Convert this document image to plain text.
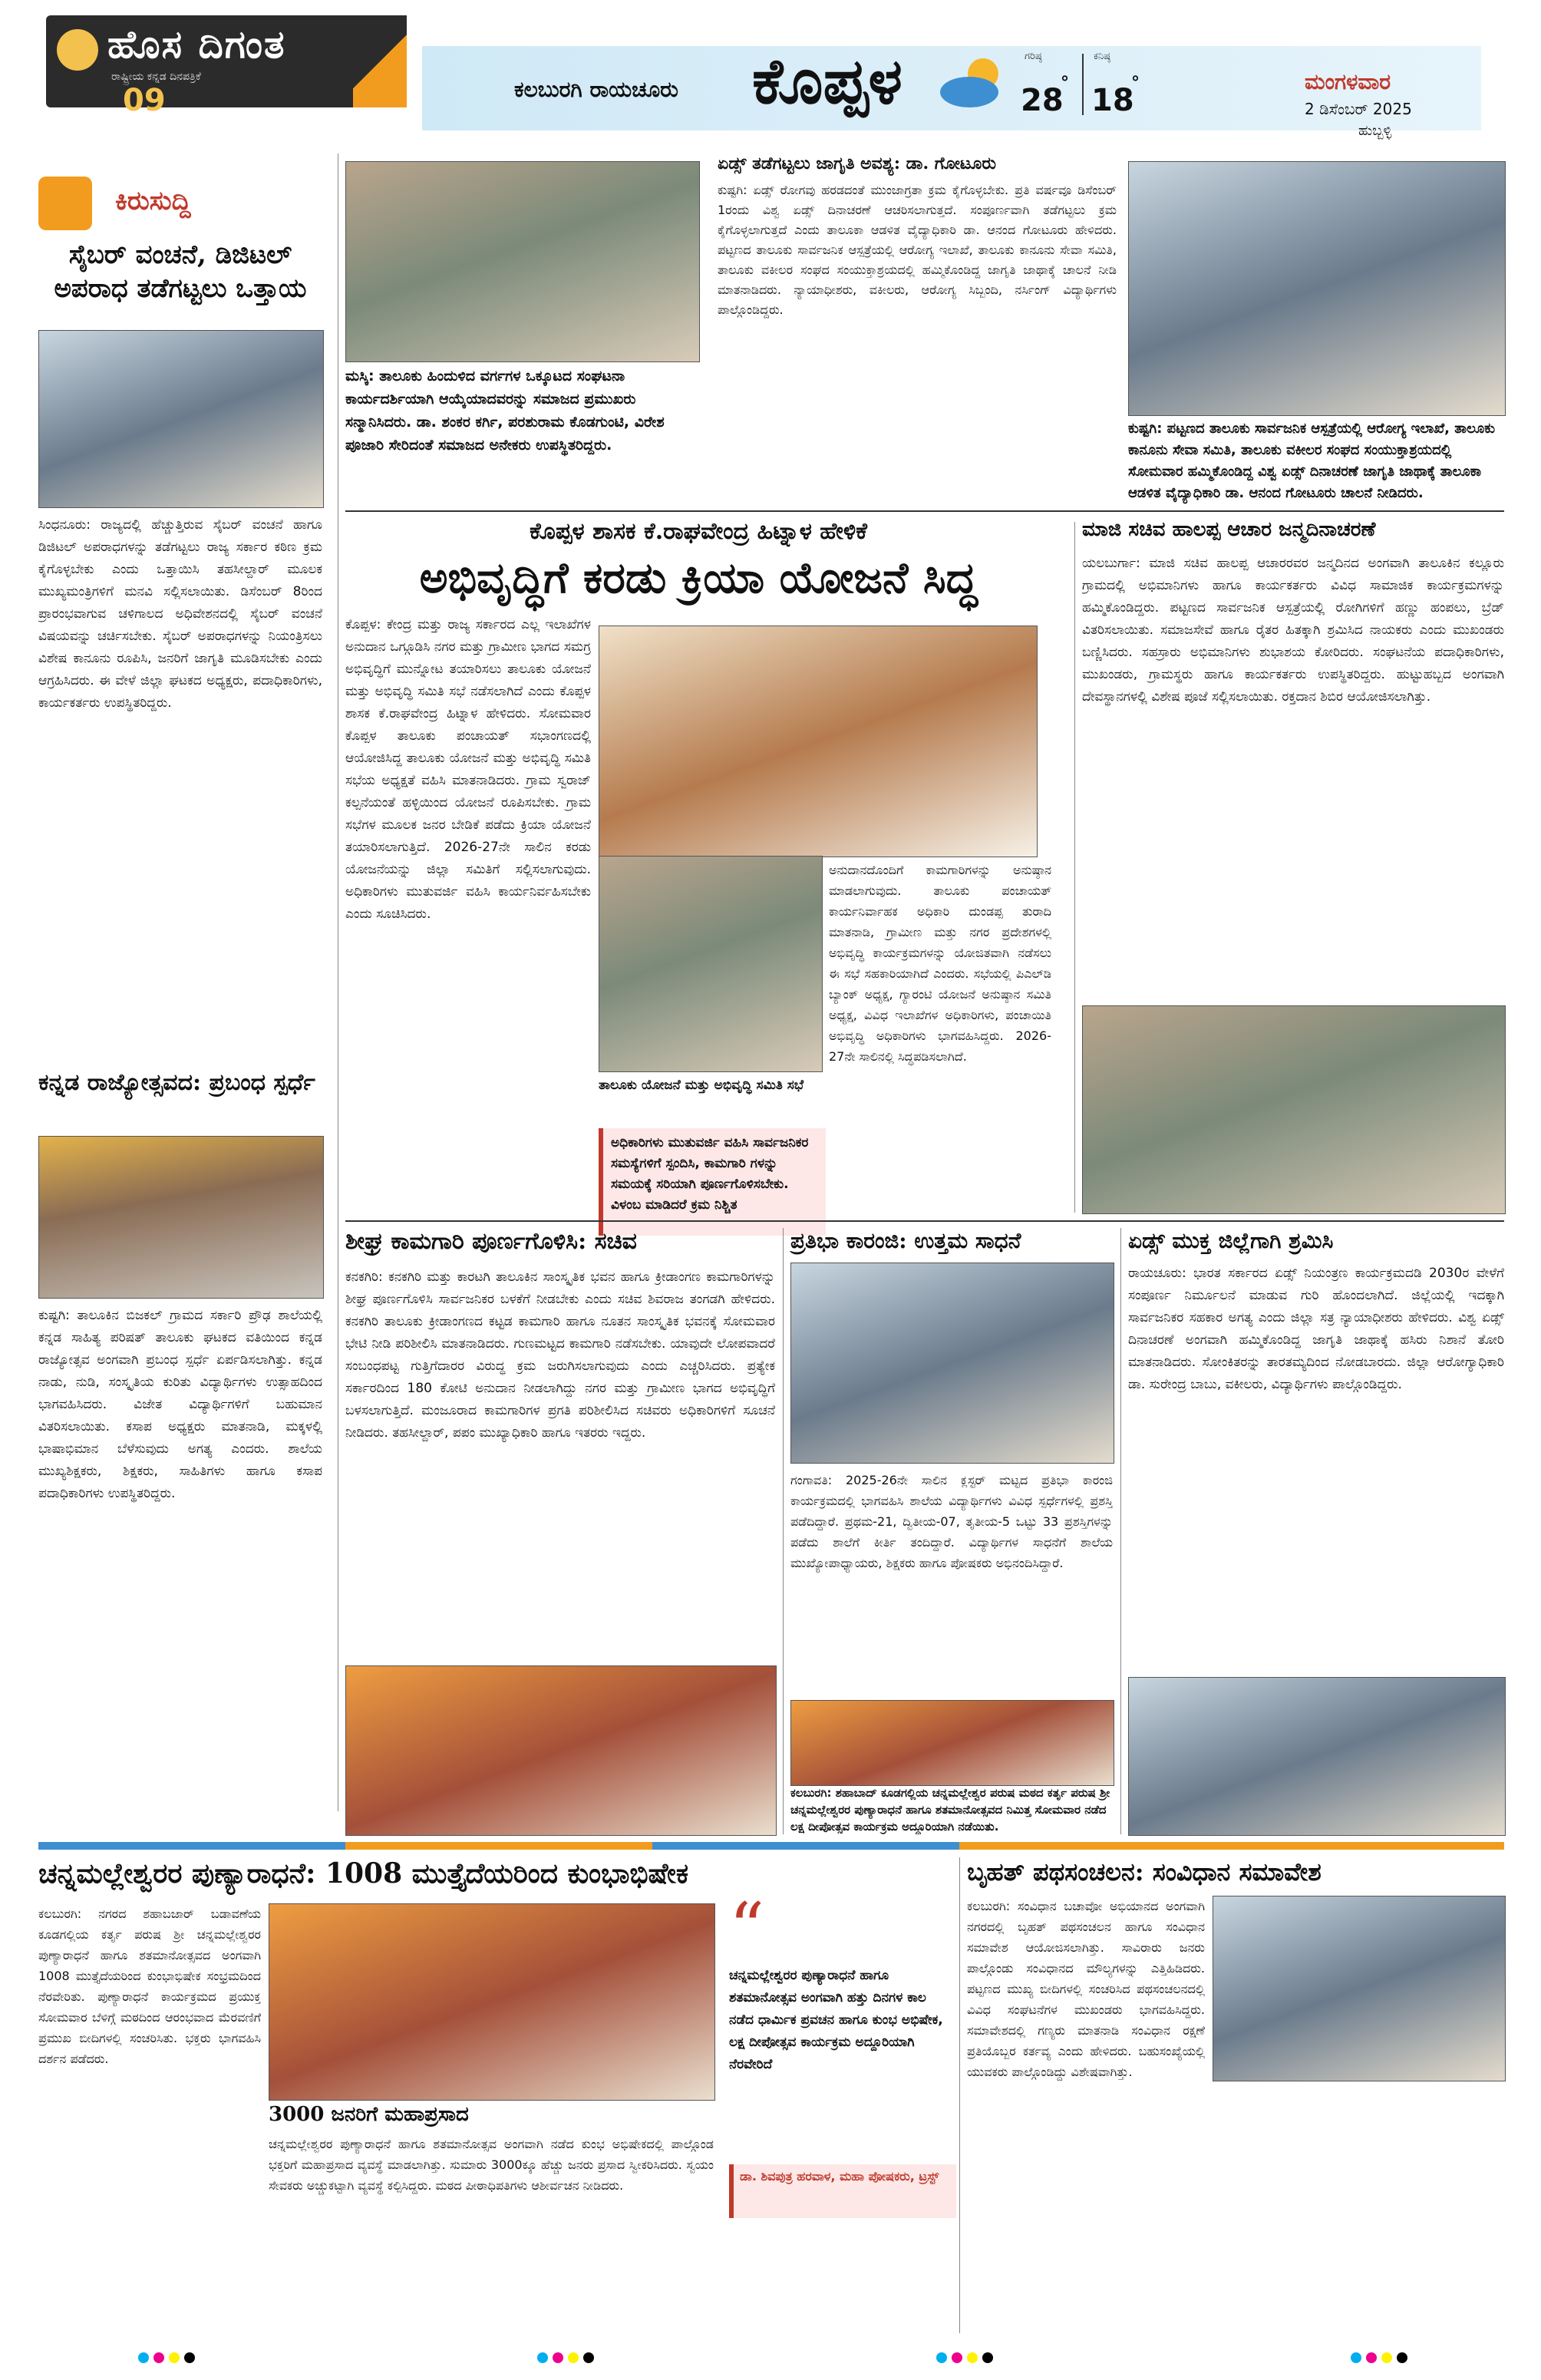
ಹೊಸ ದಿಗಂತ
ರಾಷ್ಟ್ರೀಯ ಕನ್ನಡ ದಿನಪತ್ರಿಕೆ
09	ಕಲಬುರಗಿ ರಾಯಚೂರು ಕೊಪ್ಪಳ	ಗರಿಷ್ಠ
28
°
ಕನಿಷ್ಠ
18
°	ಮಂಗಳವಾರ
2 ಡಿಸೆಂಬರ್ 2025
ಹುಬ್ಬಳ್ಳಿ
ಕಿರುಸುದ್ದಿ
ಸೈಬರ್ ವಂಚನೆ, ಡಿಜಿಟಲ್ ಅಪರಾಧ ತಡೆಗಟ್ಟಲು ಒತ್ತಾಯ
ಸಿಂಧನೂರು: ರಾಜ್ಯದಲ್ಲಿ ಹೆಚ್ಚುತ್ತಿರುವ ಸೈಬರ್ ವಂಚನೆ ಹಾಗೂ ಡಿಜಿಟಲ್ ಅಪರಾಧಗಳನ್ನು ತಡೆಗಟ್ಟಲು ರಾಜ್ಯ ಸರ್ಕಾರ ಕಠಿಣ ಕ್ರಮ ಕೈಗೊಳ್ಳಬೇಕು ಎಂದು ಒತ್ತಾಯಿಸಿ ತಹಸೀಲ್ದಾರ್ ಮೂಲಕ ಮುಖ್ಯಮಂತ್ರಿಗಳಿಗೆ ಮನವಿ ಸಲ್ಲಿಸಲಾಯಿತು. ಡಿಸೆಂಬರ್ 8ರಿಂದ ಪ್ರಾರಂಭವಾಗುವ ಚಳಿಗಾಲದ ಅಧಿವೇಶನದಲ್ಲಿ ಸೈಬರ್ ವಂಚನೆ ವಿಷಯವನ್ನು ಚರ್ಚಿಸಬೇಕು. ಸೈಬರ್ ಅಪರಾಧಗಳನ್ನು ನಿಯಂತ್ರಿಸಲು ವಿಶೇಷ ಕಾನೂನು ರೂಪಿಸಿ, ಜನರಿಗೆ ಜಾಗೃತಿ ಮೂಡಿಸಬೇಕು ಎಂದು ಆಗ್ರಹಿಸಿದರು. ಈ ವೇಳೆ ಜಿಲ್ಲಾ ಘಟಕದ ಅಧ್ಯಕ್ಷರು, ಪದಾಧಿಕಾರಿಗಳು, ಕಾರ್ಯಕರ್ತರು ಉಪಸ್ಥಿತರಿದ್ದರು.
ಕನ್ನಡ ರಾಜ್ಯೋತ್ಸವದ: ಪ್ರಬಂಧ ಸ್ಪರ್ಧೆ
ಕುಷ್ಟಗಿ: ತಾಲೂಕಿನ ಬಿಜಕಲ್ ಗ್ರಾಮದ ಸರ್ಕಾರಿ ಪ್ರೌಢ ಶಾಲೆಯಲ್ಲಿ ಕನ್ನಡ ಸಾಹಿತ್ಯ ಪರಿಷತ್ ತಾಲೂಕು ಘಟಕದ ವತಿಯಿಂದ ಕನ್ನಡ ರಾಜ್ಯೋತ್ಸವ ಅಂಗವಾಗಿ ಪ್ರಬಂಧ ಸ್ಪರ್ಧೆ ಏರ್ಪಡಿಸಲಾಗಿತ್ತು. ಕನ್ನಡ ನಾಡು, ನುಡಿ, ಸಂಸ್ಕೃತಿಯ ಕುರಿತು ವಿದ್ಯಾರ್ಥಿಗಳು ಉತ್ಸಾಹದಿಂದ ಭಾಗವಹಿಸಿದರು. ವಿಜೇತ ವಿದ್ಯಾರ್ಥಿಗಳಿಗೆ ಬಹುಮಾನ ವಿತರಿಸಲಾಯಿತು. ಕಸಾಪ ಅಧ್ಯಕ್ಷರು ಮಾತನಾಡಿ, ಮಕ್ಕಳಲ್ಲಿ ಭಾಷಾಭಿಮಾನ ಬೆಳೆಸುವುದು ಅಗತ್ಯ ಎಂದರು. ಶಾಲೆಯ ಮುಖ್ಯಶಿಕ್ಷಕರು, ಶಿಕ್ಷಕರು, ಸಾಹಿತಿಗಳು ಹಾಗೂ ಕಸಾಪ ಪದಾಧಿಕಾರಿಗಳು ಉಪಸ್ಥಿತರಿದ್ದರು.
ಮಸ್ಕಿ: ತಾಲೂಕು ಹಿಂದುಳಿದ ವರ್ಗಗಳ ಒಕ್ಕೂಟದ ಸಂಘಟನಾ ಕಾರ್ಯದರ್ಶಿಯಾಗಿ ಆಯ್ಕೆಯಾದವರನ್ನು ಸಮಾಜದ ಪ್ರಮುಖರು ಸನ್ಮಾನಿಸಿದರು. ಡಾ. ಶಂಕರ ಕರ್ಗಿ, ಪರಶುರಾಮ ಕೊಡಗುಂಟಿ, ವಿರೇಶ ಪೂಜಾರಿ ಸೇರಿದಂತೆ ಸಮಾಜದ ಅನೇಕರು ಉಪಸ್ಥಿತರಿದ್ದರು.
ಏಡ್ಸ್ ತಡೆಗಟ್ಟಲು ಜಾಗೃತಿ ಅವಶ್ಯ: ಡಾ. ಗೋಟೂರು
ಕುಷ್ಟಗಿ: ಏಡ್ಸ್ ರೋಗವು ಹರಡದಂತೆ ಮುಂಜಾಗ್ರತಾ ಕ್ರಮ ಕೈಗೊಳ್ಳಬೇಕು. ಪ್ರತಿ ವರ್ಷವೂ ಡಿಸೆಂಬರ್ 1ರಂದು ವಿಶ್ವ ಏಡ್ಸ್ ದಿನಾಚರಣೆ ಆಚರಿಸಲಾಗುತ್ತದೆ. ಸಂಪೂರ್ಣವಾಗಿ ತಡೆಗಟ್ಟಲು ಕ್ರಮ ಕೈಗೊಳ್ಳಲಾಗುತ್ತದೆ ಎಂದು ತಾಲೂಕಾ ಆಡಳಿತ ವೈದ್ಯಾಧಿಕಾರಿ ಡಾ. ಆನಂದ ಗೋಟೂರು ಹೇಳಿದರು. ಪಟ್ಟಣದ ತಾಲೂಕು ಸಾರ್ವಜನಿಕ ಆಸ್ಪತ್ರೆಯಲ್ಲಿ ಆರೋಗ್ಯ ಇಲಾಖೆ, ತಾಲೂಕು ಕಾನೂನು ಸೇವಾ ಸಮಿತಿ, ತಾಲೂಕು ವಕೀಲರ ಸಂಘದ ಸಂಯುಕ್ತಾಶ್ರಯದಲ್ಲಿ ಹಮ್ಮಿಕೊಂಡಿದ್ದ ಜಾಗೃತಿ ಜಾಥಾಕ್ಕೆ ಚಾಲನೆ ನೀಡಿ ಮಾತನಾಡಿದರು. ನ್ಯಾಯಾಧೀಶರು, ವಕೀಲರು, ಆರೋಗ್ಯ ಸಿಬ್ಬಂದಿ, ನರ್ಸಿಂಗ್ ವಿದ್ಯಾರ್ಥಿಗಳು ಪಾಲ್ಗೊಂಡಿದ್ದರು.
ಕುಷ್ಟಗಿ: ಪಟ್ಟಣದ ತಾಲೂಕು ಸಾರ್ವಜನಿಕ ಆಸ್ಪತ್ರೆಯಲ್ಲಿ ಆರೋಗ್ಯ ಇಲಾಖೆ, ತಾಲೂಕು ಕಾನೂನು ಸೇವಾ ಸಮಿತಿ, ತಾಲೂಕು ವಕೀಲರ ಸಂಘದ ಸಂಯುಕ್ತಾಶ್ರಯದಲ್ಲಿ ಸೋಮವಾರ ಹಮ್ಮಿಕೊಂಡಿದ್ದ ವಿಶ್ವ ಏಡ್ಸ್ ದಿನಾಚರಣೆ ಜಾಗೃತಿ ಜಾಥಾಕ್ಕೆ ತಾಲೂಕಾ ಆಡಳಿತ ವೈದ್ಯಾಧಿಕಾರಿ ಡಾ. ಆನಂದ ಗೋಟೂರು ಚಾಲನೆ ನೀಡಿದರು.
ಕೊಪ್ಪಳ ಶಾಸಕ ಕೆ.ರಾಘವೇಂದ್ರ ಹಿಟ್ನಾಳ ಹೇಳಿಕೆ
ಅಭಿವೃದ್ಧಿಗೆ ಕರಡು ಕ್ರಿಯಾ ಯೋಜನೆ ಸಿದ್ಧ
ಕೊಪ್ಪಳ: ಕೇಂದ್ರ ಮತ್ತು ರಾಜ್ಯ ಸರ್ಕಾರದ ಎಲ್ಲ ಇಲಾಖೆಗಳ ಅನುದಾನ ಒಗ್ಗೂಡಿಸಿ ನಗರ ಮತ್ತು ಗ್ರಾಮೀಣ ಭಾಗದ ಸಮಗ್ರ ಅಭಿವೃದ್ಧಿಗೆ ಮುನ್ನೋಟ ತಯಾರಿಸಲು ತಾಲೂಕು ಯೋಜನೆ ಮತ್ತು ಅಭಿವೃದ್ಧಿ ಸಮಿತಿ ಸಭೆ ನಡೆಸಲಾಗಿದೆ ಎಂದು ಕೊಪ್ಪಳ ಶಾಸಕ ಕೆ.ರಾಘವೇಂದ್ರ ಹಿಟ್ನಾಳ ಹೇಳಿದರು. ಸೋಮವಾರ ಕೊಪ್ಪಳ ತಾಲೂಕು ಪಂಚಾಯತ್ ಸಭಾಂಗಣದಲ್ಲಿ ಆಯೋಜಿಸಿದ್ದ ತಾಲೂಕು ಯೋಜನೆ ಮತ್ತು ಅಭಿವೃದ್ಧಿ ಸಮಿತಿ ಸಭೆಯ ಅಧ್ಯಕ್ಷತೆ ವಹಿಸಿ ಮಾತನಾಡಿದರು. ಗ್ರಾಮ ಸ್ವರಾಜ್ ಕಲ್ಪನೆಯಂತೆ ಹಳ್ಳಿಯಿಂದ ಯೋಜನೆ ರೂಪಿಸಬೇಕು. ಗ್ರಾಮ ಸಭೆಗಳ ಮೂಲಕ ಜನರ ಬೇಡಿಕೆ ಪಡೆದು ಕ್ರಿಯಾ ಯೋಜನೆ ತಯಾರಿಸಲಾಗುತ್ತಿದೆ. 2026-27ನೇ ಸಾಲಿನ ಕರಡು ಯೋಜನೆಯನ್ನು ಜಿಲ್ಲಾ ಸಮಿತಿಗೆ ಸಲ್ಲಿಸಲಾಗುವುದು. ಅಧಿಕಾರಿಗಳು ಮುತುವರ್ಜಿ ವಹಿಸಿ ಕಾರ್ಯನಿರ್ವಹಿಸಬೇಕು ಎಂದು ಸೂಚಿಸಿದರು.
ತಾಲೂಕು ಯೋಜನೆ ಮತ್ತು ಅಭಿವೃದ್ಧಿ ಸಮಿತಿ ಸಭೆ
ಅಧಿಕಾರಿಗಳು ಮುತುವರ್ಜಿ ವಹಿಸಿ ಸಾರ್ವಜನಿಕರ ಸಮಸ್ಯೆಗಳಿಗೆ ಸ್ಪಂದಿಸಿ, ಕಾಮಗಾರಿ ಗಳನ್ನು ಸಮಯಕ್ಕೆ ಸರಿಯಾಗಿ ಪೂರ್ಣಗೊಳಿಸಬೇಕು. ವಿಳಂಬ ಮಾಡಿದರೆ ಕ್ರಮ ನಿಶ್ಚಿತ
ಅನುದಾನದೊಂದಿಗೆ ಕಾಮಗಾರಿಗಳನ್ನು ಅನುಷ್ಠಾನ ಮಾಡಲಾಗುವುದು. ತಾಲೂಕು ಪಂಚಾಯತ್ ಕಾರ್ಯನಿರ್ವಾಹಕ ಅಧಿಕಾರಿ ದುಂಡಪ್ಪ ತುರಾದಿ ಮಾತನಾಡಿ, ಗ್ರಾಮೀಣ ಮತ್ತು ನಗರ ಪ್ರದೇಶಗಳಲ್ಲಿ ಅಭಿವೃದ್ಧಿ ಕಾರ್ಯಕ್ರಮಗಳನ್ನು ಯೋಜಿತವಾಗಿ ನಡೆಸಲು ಈ ಸಭೆ ಸಹಕಾರಿಯಾಗಿದೆ ಎಂದರು. ಸಭೆಯಲ್ಲಿ ಪಿಎಲ್‌ಡಿ ಬ್ಯಾಂಕ್ ಅಧ್ಯಕ್ಷ, ಗ್ಯಾರಂಟಿ ಯೋಜನೆ ಅನುಷ್ಠಾನ ಸಮಿತಿ ಅಧ್ಯಕ್ಷ, ವಿವಿಧ ಇಲಾಖೆಗಳ ಅಧಿಕಾರಿಗಳು, ಪಂಚಾಯಿತಿ ಅಭಿವೃದ್ಧಿ ಅಧಿಕಾರಿಗಳು ಭಾಗವಹಿಸಿದ್ದರು. 2026-27ನೇ ಸಾಲಿನಲ್ಲಿ ಸಿದ್ಧಪಡಿಸಲಾಗಿದೆ.
ಮಾಜಿ ಸಚಿವ ಹಾಲಪ್ಪ ಆಚಾರ ಜನ್ಮದಿನಾಚರಣೆ
ಯಲಬುರ್ಗಾ: ಮಾಜಿ ಸಚಿವ ಹಾಲಪ್ಪ ಆಚಾರರವರ ಜನ್ಮದಿನದ ಅಂಗವಾಗಿ ತಾಲೂಕಿನ ಕಲ್ಲೂರು ಗ್ರಾಮದಲ್ಲಿ ಅಭಿಮಾನಿಗಳು ಹಾಗೂ ಕಾರ್ಯಕರ್ತರು ವಿವಿಧ ಸಾಮಾಜಿಕ ಕಾರ್ಯಕ್ರಮಗಳನ್ನು ಹಮ್ಮಿಕೊಂಡಿದ್ದರು. ಪಟ್ಟಣದ ಸಾರ್ವಜನಿಕ ಆಸ್ಪತ್ರೆಯಲ್ಲಿ ರೋಗಿಗಳಿಗೆ ಹಣ್ಣು ಹಂಪಲು, ಬ್ರೆಡ್ ವಿತರಿಸಲಾಯಿತು. ಸಮಾಜಸೇವೆ ಹಾಗೂ ರೈತರ ಹಿತಕ್ಕಾಗಿ ಶ್ರಮಿಸಿದ ನಾಯಕರು ಎಂದು ಮುಖಂಡರು ಬಣ್ಣಿಸಿದರು. ಸಹಸ್ರಾರು ಅಭಿಮಾನಿಗಳು ಶುಭಾಶಯ ಕೋರಿದರು. ಸಂಘಟನೆಯ ಪದಾಧಿಕಾರಿಗಳು, ಮುಖಂಡರು, ಗ್ರಾಮಸ್ಥರು ಹಾಗೂ ಕಾರ್ಯಕರ್ತರು ಉಪಸ್ಥಿತರಿದ್ದರು. ಹುಟ್ಟುಹಬ್ಬದ ಅಂಗವಾಗಿ ದೇವಸ್ಥಾನಗಳಲ್ಲಿ ವಿಶೇಷ ಪೂಜೆ ಸಲ್ಲಿಸಲಾಯಿತು. ರಕ್ತದಾನ ಶಿಬಿರ ಆಯೋಜಿಸಲಾಗಿತ್ತು.
ಶೀಘ್ರ ಕಾಮಗಾರಿ ಪೂರ್ಣಗೊಳಿಸಿ: ಸಚಿವ
ಕನಕಗಿರಿ: ಕನಕಗಿರಿ ಮತ್ತು ಕಾರಟಗಿ ತಾಲೂಕಿನ ಸಾಂಸ್ಕೃತಿಕ ಭವನ ಹಾಗೂ ಕ್ರೀಡಾಂಗಣ ಕಾಮಗಾರಿಗಳನ್ನು ಶೀಘ್ರ ಪೂರ್ಣಗೊಳಿಸಿ ಸಾರ್ವಜನಿಕರ ಬಳಕೆಗೆ ನೀಡಬೇಕು ಎಂದು ಸಚಿವ ಶಿವರಾಜ ತಂಗಡಗಿ ಹೇಳಿದರು. ಕನಕಗಿರಿ ತಾಲೂಕು ಕ್ರೀಡಾಂಗಣದ ಕಟ್ಟಡ ಕಾಮಗಾರಿ ಹಾಗೂ ನೂತನ ಸಾಂಸ್ಕೃತಿಕ ಭವನಕ್ಕೆ ಸೋಮವಾರ ಭೇಟಿ ನೀಡಿ ಪರಿಶೀಲಿಸಿ ಮಾತನಾಡಿದರು. ಗುಣಮಟ್ಟದ ಕಾಮಗಾರಿ ನಡೆಸಬೇಕು. ಯಾವುದೇ ಲೋಪವಾದರೆ ಸಂಬಂಧಪಟ್ಟ ಗುತ್ತಿಗೆದಾರರ ವಿರುದ್ಧ ಕ್ರಮ ಜರುಗಿಸಲಾಗುವುದು ಎಂದು ಎಚ್ಚರಿಸಿದರು. ಪ್ರತ್ಯೇಕ ಸರ್ಕಾರದಿಂದ 180 ಕೋಟಿ ಅನುದಾನ ನೀಡಲಾಗಿದ್ದು ನಗರ ಮತ್ತು ಗ್ರಾಮೀಣ ಭಾಗದ ಅಭಿವೃದ್ಧಿಗೆ ಬಳಸಲಾಗುತ್ತಿದೆ. ಮಂಜೂರಾದ ಕಾಮಗಾರಿಗಳ ಪ್ರಗತಿ ಪರಿಶೀಲಿಸಿದ ಸಚಿವರು ಅಧಿಕಾರಿಗಳಿಗೆ ಸೂಚನೆ ನೀಡಿದರು. ತಹಸೀಲ್ದಾರ್, ಪಪಂ ಮುಖ್ಯಾಧಿಕಾರಿ ಹಾಗೂ ಇತರರು ಇದ್ದರು.
ಪ್ರತಿಭಾ ಕಾರಂಜಿ: ಉತ್ತಮ ಸಾಧನೆ
ಗಂಗಾವತಿ: 2025-26ನೇ ಸಾಲಿನ ಕ್ಲಸ್ಟರ್ ಮಟ್ಟದ ಪ್ರತಿಭಾ ಕಾರಂಜಿ ಕಾರ್ಯಕ್ರಮದಲ್ಲಿ ಭಾಗವಹಿಸಿ ಶಾಲೆಯ ವಿದ್ಯಾರ್ಥಿಗಳು ವಿವಿಧ ಸ್ಪರ್ಧೆಗಳಲ್ಲಿ ಪ್ರಶಸ್ತಿ ಪಡೆದಿದ್ದಾರೆ. ಪ್ರಥಮ-21, ದ್ವಿತೀಯ-07, ತೃತೀಯ-5 ಒಟ್ಟು 33 ಪ್ರಶಸ್ತಿಗಳನ್ನು ಪಡೆದು ಶಾಲೆಗೆ ಕೀರ್ತಿ ತಂದಿದ್ದಾರೆ. ವಿದ್ಯಾರ್ಥಿಗಳ ಸಾಧನೆಗೆ ಶಾಲೆಯ ಮುಖ್ಯೋಪಾಧ್ಯಾಯರು, ಶಿಕ್ಷಕರು ಹಾಗೂ ಪೋಷಕರು ಅಭಿನಂದಿಸಿದ್ದಾರೆ.
ಕಲಬುರಗಿ: ಶಹಾಬಾದ್ ಕೂಡಗಲ್ಲಿಯ ಚನ್ನಮಲ್ಲೇಶ್ವರ ಪರುಷ ಮಠದ ಕರ್ತೃ ಪರುಷ ಶ್ರೀ ಚನ್ನಮಲ್ಲೇಶ್ವರರ ಪುಣ್ಯಾರಾಧನೆ ಹಾಗೂ ಶತಮಾನೋತ್ಸವದ ನಿಮಿತ್ತ ಸೋಮವಾರ ನಡೆದ ಲಕ್ಷ ದೀಪೋತ್ಸವ ಕಾರ್ಯಕ್ರಮ ಅದ್ದೂರಿಯಾಗಿ ನಡೆಯಿತು.
ಏಡ್ಸ್ ಮುಕ್ತ ಜಿಲ್ಲೆಗಾಗಿ ಶ್ರಮಿಸಿ
ರಾಯಚೂರು: ಭಾರತ ಸರ್ಕಾರದ ಏಡ್ಸ್ ನಿಯಂತ್ರಣ ಕಾರ್ಯಕ್ರಮದಡಿ 2030ರ ವೇಳೆಗೆ ಸಂಪೂರ್ಣ ನಿರ್ಮೂಲನೆ ಮಾಡುವ ಗುರಿ ಹೊಂದಲಾಗಿದೆ. ಜಿಲ್ಲೆಯಲ್ಲಿ ಇದಕ್ಕಾಗಿ ಸಾರ್ವಜನಿಕರ ಸಹಕಾರ ಅಗತ್ಯ ಎಂದು ಜಿಲ್ಲಾ ಸತ್ರ ನ್ಯಾಯಾಧೀಶರು ಹೇಳಿದರು. ವಿಶ್ವ ಏಡ್ಸ್ ದಿನಾಚರಣೆ ಅಂಗವಾಗಿ ಹಮ್ಮಿಕೊಂಡಿದ್ದ ಜಾಗೃತಿ ಜಾಥಾಕ್ಕೆ ಹಸಿರು ನಿಶಾನೆ ತೋರಿ ಮಾತನಾಡಿದರು. ಸೋಂಕಿತರನ್ನು ತಾರತಮ್ಯದಿಂದ ನೋಡಬಾರದು. ಜಿಲ್ಲಾ ಆರೋಗ್ಯಾಧಿಕಾರಿ ಡಾ. ಸುರೇಂದ್ರ ಬಾಬು, ವಕೀಲರು, ವಿದ್ಯಾರ್ಥಿಗಳು ಪಾಲ್ಗೊಂಡಿದ್ದರು.
ಚನ್ನಮಲ್ಲೇಶ್ವರರ ಪುಣ್ಯಾರಾಧನೆ: 1008 ಮುತ್ತೈದೆಯರಿಂದ ಕುಂಭಾಭಿಷೇಕ
ಕಲಬುರಗಿ: ನಗರದ ಶಹಾಬಜಾರ್ ಬಡಾವಣೆಯ ಕೂಡಗಲ್ಲಿಯ ಕರ್ತೃ ಪರುಷ ಶ್ರೀ ಚನ್ನಮಲ್ಲೇಶ್ವರರ ಪುಣ್ಯಾರಾಧನೆ ಹಾಗೂ ಶತಮಾನೋತ್ಸವದ ಅಂಗವಾಗಿ 1008 ಮುತ್ತೈದೆಯರಿಂದ ಕುಂಭಾಭಿಷೇಕ ಸಂಭ್ರಮದಿಂದ ನೆರವೇರಿತು. ಪುಣ್ಯಾರಾಧನೆ ಕಾರ್ಯಕ್ರಮದ ಪ್ರಯುಕ್ತ ಸೋಮವಾರ ಬೆಳಿಗ್ಗೆ ಮಠದಿಂದ ಆರಂಭವಾದ ಮೆರವಣಿಗೆ ಪ್ರಮುಖ ಬೀದಿಗಳಲ್ಲಿ ಸಂಚರಿಸಿತು. ಭಕ್ತರು ಭಾಗವಹಿಸಿ ದರ್ಶನ ಪಡೆದರು.
3000 ಜನರಿಗೆ ಮಹಾಪ್ರಸಾದ
ಚನ್ನಮಲ್ಲೇಶ್ವರರ ಪುಣ್ಯಾರಾಧನೆ ಹಾಗೂ ಶತಮಾನೋತ್ಸವ ಅಂಗವಾಗಿ ನಡೆದ ಕುಂಭ ಅಭಿಷೇಕದಲ್ಲಿ ಪಾಲ್ಗೊಂಡ ಭಕ್ತರಿಗೆ ಮಹಾಪ್ರಸಾದ ವ್ಯವಸ್ಥೆ ಮಾಡಲಾಗಿತ್ತು. ಸುಮಾರು 3000ಕ್ಕೂ ಹೆಚ್ಚು ಜನರು ಪ್ರಸಾದ ಸ್ವೀಕರಿಸಿದರು. ಸ್ವಯಂ ಸೇವಕರು ಅಚ್ಚುಕಟ್ಟಾಗಿ ವ್ಯವಸ್ಥೆ ಕಲ್ಪಿಸಿದ್ದರು. ಮಠದ ಪೀಠಾಧಿಪತಿಗಳು ಆಶೀರ್ವಚನ ನೀಡಿದರು.
“
ಚನ್ನಮಲ್ಲೇಶ್ವರರ ಪುಣ್ಯಾರಾಧನೆ ಹಾಗೂ ಶತಮಾನೋತ್ಸವ ಅಂಗವಾಗಿ ಹತ್ತು ದಿನಗಳ ಕಾಲ ನಡೆದ ಧಾರ್ಮಿಕ ಪ್ರವಚನ ಹಾಗೂ ಕುಂಭ ಅಭಿಷೇಕ, ಲಕ್ಷ ದೀಪೋತ್ಸವ ಕಾರ್ಯಕ್ರಮ ಅದ್ದೂರಿಯಾಗಿ ನೆರವೇರಿದೆ
ಡಾ. ಶಿವಪುತ್ರ ಹರವಾಳ, ಮಹಾ ಪೋಷಕರು, ಟ್ರಸ್ಟ್
ಬೃಹತ್ ಪಥಸಂಚಲನ: ಸಂವಿಧಾನ ಸಮಾವೇಶ
ಕಲಬುರಗಿ: ಸಂವಿಧಾನ ಬಚಾವೋ ಅಭಿಯಾನದ ಅಂಗವಾಗಿ ನಗರದಲ್ಲಿ ಬೃಹತ್ ಪಥಸಂಚಲನ ಹಾಗೂ ಸಂವಿಧಾನ ಸಮಾವೇಶ ಆಯೋಜಿಸಲಾಗಿತ್ತು. ಸಾವಿರಾರು ಜನರು ಪಾಲ್ಗೊಂಡು ಸಂವಿಧಾನದ ಮೌಲ್ಯಗಳನ್ನು ಎತ್ತಿಹಿಡಿದರು. ಪಟ್ಟಣದ ಮುಖ್ಯ ಬೀದಿಗಳಲ್ಲಿ ಸಂಚರಿಸಿದ ಪಥಸಂಚಲನದಲ್ಲಿ ವಿವಿಧ ಸಂಘಟನೆಗಳ ಮುಖಂಡರು ಭಾಗವಹಿಸಿದ್ದರು. ಸಮಾವೇಶದಲ್ಲಿ ಗಣ್ಯರು ಮಾತನಾಡಿ ಸಂವಿಧಾನ ರಕ್ಷಣೆ ಪ್ರತಿಯೊಬ್ಬರ ಕರ್ತವ್ಯ ಎಂದು ಹೇಳಿದರು. ಬಹುಸಂಖ್ಯೆಯಲ್ಲಿ ಯುವಕರು ಪಾಲ್ಗೊಂಡಿದ್ದು ವಿಶೇಷವಾಗಿತ್ತು.
